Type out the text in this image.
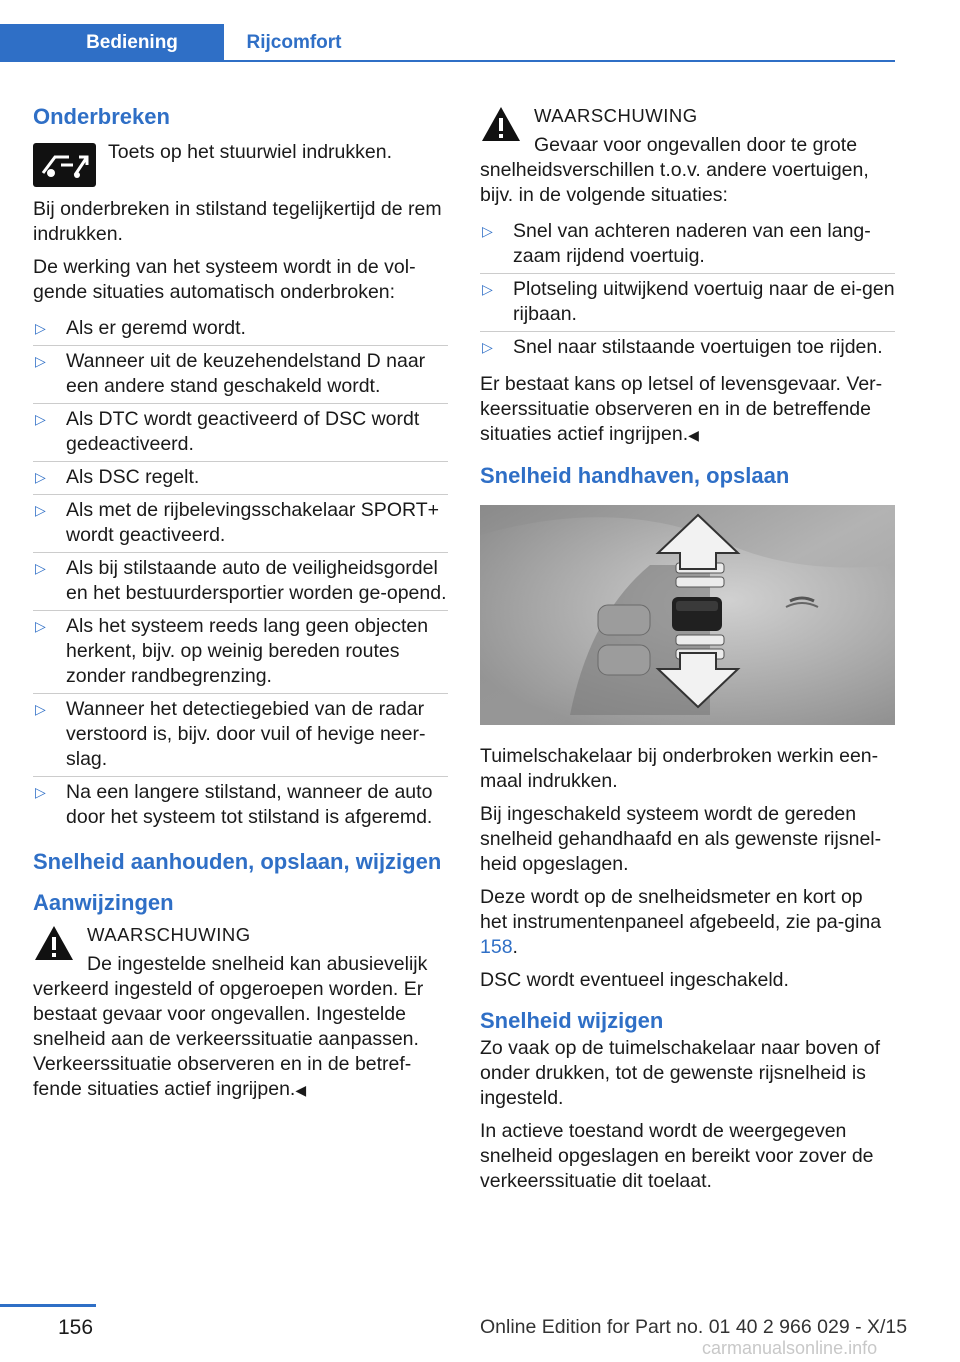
Bediening	Rijcomfort
Onderbreken
Toets op het stuurwiel indrukken.

Bij onderbreken in stilstand tegelijkertijd de rem indrukken.

De werking van het systeem wordt in de vol‐gende situaties automatisch onderbroken:

▷ Als er geremd wordt.
▷ Wanneer uit de keuzehendelstand D naar een andere stand geschakeld wordt.
▷ Als DTC wordt geactiveerd of DSC wordt gedeactiveerd.
▷ Als DSC regelt.
▷ Als met de rijbelevingsschakelaar SPORT+ wordt geactiveerd.
▷ Als bij stilstaande auto de veiligheidsgordel en het bestuurdersportier worden ge‐opend.
▷ Als het systeem reeds lang geen objecten herkent, bijv. op weinig bereden routes zonder randbegrenzing.
▷ Wanneer het detectiegebied van de radar verstoord is, bijv. door vuil of hevige neer‐slag.
▷ Na een langere stilstand, wanneer de auto door het systeem tot stilstand is afgeremd.
Snelheid aanhouden, opslaan, wijzigen
Aanwijzingen
WAARSCHUWING
De ingestelde snelheid kan abusievelijk verkeerd ingesteld of opgeroepen worden. Er bestaat gevaar voor ongevallen. Ingestelde snelheid aan de verkeerssituatie aanpassen. Verkeerssituatie observeren en in de betref‐fende situaties actief ingrijpen.◀
WAARSCHUWING
Gevaar voor ongevallen door te grote snelheidsverschillen t.o.v. andere voertuigen, bijv. in de volgende situaties:
▷ Snel van achteren naderen van een lang‐zaam rijdend voertuig.
▷ Plotseling uitwijkend voertuig naar de ei‐gen rijbaan.
▷ Snel naar stilstaande voertuigen toe rijden.

Er bestaat kans op letsel of levensgevaar. Ver‐keerssituatie observeren en in de betreffende situaties actief ingrijpen.◀

Snelheid handhaven, opslaan

Tuimelschakelaar bij onderbroken werkin een‐maal indrukken.

Bij ingeschakeld systeem wordt de gereden snelheid gehandhaafd en als gewenste rijsnel‐heid opgeslagen.

Deze wordt op de snelheidsmeter en kort op het instrumentenpaneel afgebeeld, zie pa‐gina 158.

DSC wordt eventueel ingeschakeld.

Snelheid wijzigen

Zo vaak op de tuimelschakelaar naar boven of onder drukken, tot de gewenste rijsnelheid is ingesteld.

In actieve toestand wordt de weergegeven snelheid opgeslagen en bereikt voor zover de verkeerssituatie dit toelaat.

156	Online Edition for Part no. 01 40 2 966 029 - X/15
carmanualsonline.info
